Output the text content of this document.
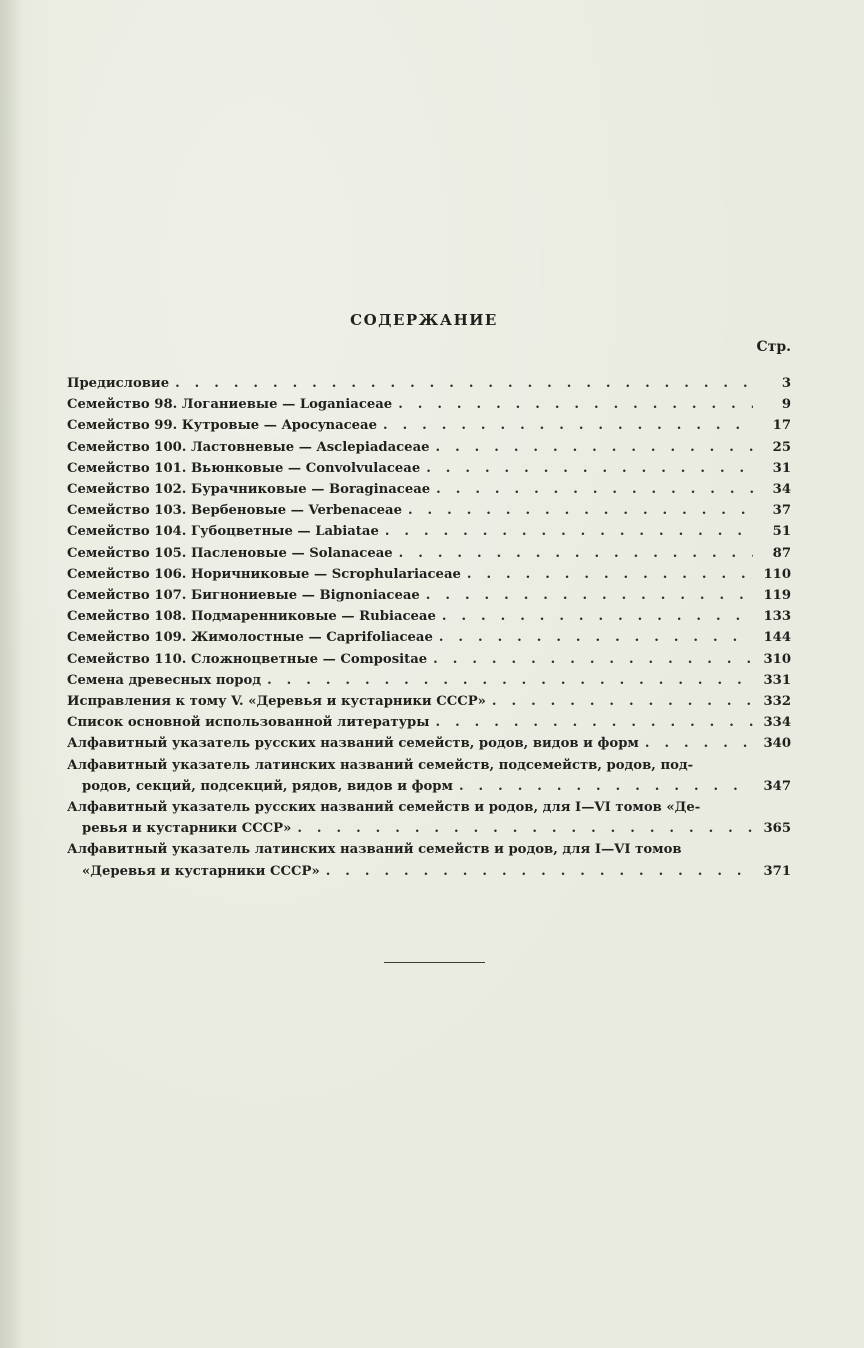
СОДЕРЖАНИЕ
Стр.
Предисловие . . .	3
Семейство 98. Логаниевые — Loganiaceae . . .	9
Семейство 99. Кутровые — Apocynaceae . . .	17
Семейство 100. Ластовневые — Asclepiadaceae . . .	25
Семейство 101. Вьюнковые — Convolvulaceae . . .	31
Семейство 102. Бурачниковые — Boraginaceae . . .	34
Семейство 103. Вербеновые — Verbenaceae . . .	37
Семейство 104. Губоцветные — Labiatae . . .	51
Семейство 105. Пасленовые — Solanaceae . . .	87
Семейство 106. Норичниковые — Scrophulariaceae . . .	110
Семейство 107. Бигнониевые — Bignoniaceae . . .	119
Семейство 108. Подмаренниковые — Rubiaceae . . .	133
Семейство 109. Жимолостные — Caprifoliaceae . . .	144
Семейство 110. Сложноцветные — Compositae . . .	310
Семена древесных пород . . .	331
Исправления к тому V. «Деревья и кустарники СССР» . . .	332
Список основной использованной литературы . . .	334
Алфавитный указатель русских названий семейств, родов, видов и форм . . .	340
Алфавитный указатель латинских названий семейств, подсемейств, родов, под-
родов, секций, подсекций, рядов, видов и форм . . .	347
Алфавитный указатель русских названий семейств и родов, для I—VI томов «Де-
ревья и кустарники СССР» . . .	365
Алфавитный указатель латинских названий семейств и родов, для I—VI томов
«Деревья и кустарники СССР» . . .	371
